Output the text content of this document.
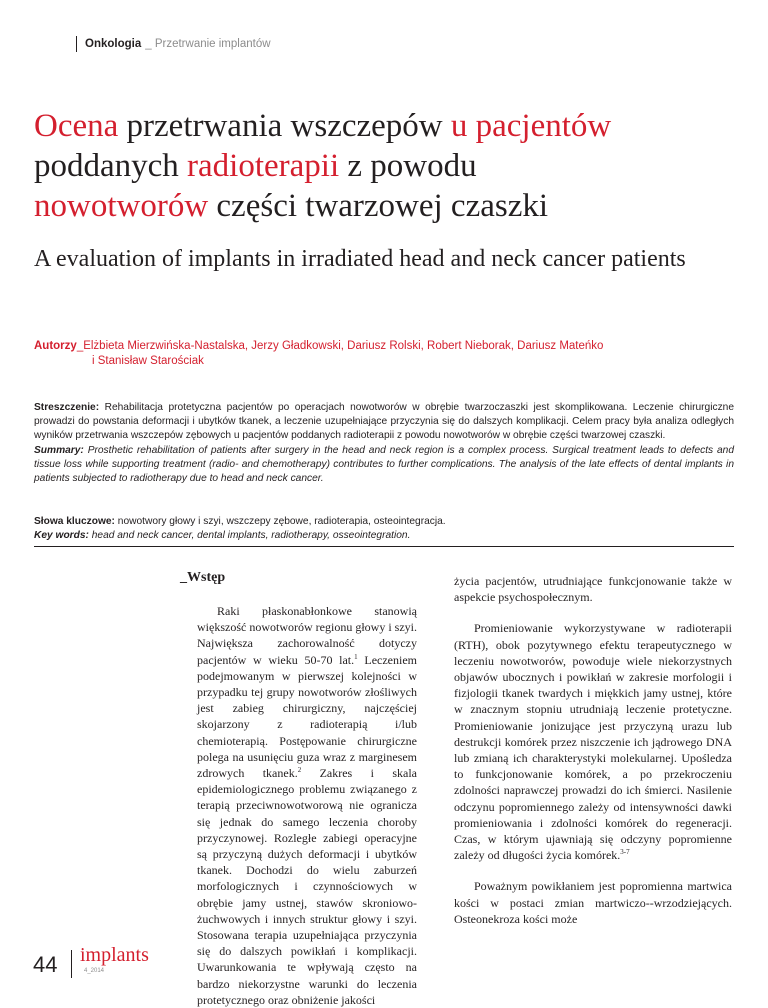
Onkologia _ Przetrwanie implantów
Ocena przetrwania wszczepów u pacjentów
poddanych radioterapii z powodu
nowotworów części twarzowej czaszki
A evaluation of implants in irradiated head and neck cancer patients
Autorzy_Elżbieta Mierzwińska-Nastalska, Jerzy Gładkowski, Dariusz Rolski, Robert Nieborak, Dariusz Mateńko
i Stanisław Starościak

Streszczenie: Rehabilitacja protetyczna pacjentów po operacjach nowotworów w obrębie twarzoczaszki jest skomplikowana. Leczenie chirurgiczne prowadzi do powstania deformacji i ubytków tkanek, a leczenie uzupełniające przyczynia się do dalszych komplikacji. Celem pracy była analiza odległych wyników przetrwania wszczepów zębowych u pacjentów poddanych radioterapii z powodu nowotworów w obrębie części twarzowej czaszki.

Summary: Prosthetic rehabilitation of patients after surgery in the head and neck region is a complex process. Surgical treatment leads to defects and tissue loss while supporting treatment (radio- and chemotherapy) contributes to further complications. The analysis of the late effects of dental implants in patients subjected to radiotherapy due to head and neck cancer.

Słowa kluczowe: nowotwory głowy i szyi, wszczepy zębowe, radioterapia, osteointegracja.

Key words: head and neck cancer, dental implants, radiotherapy, osseointegration.

_Wstęp

Raki płaskonabłonkowe stanowią większość nowotworów regionu głowy i szyi. Największa zachorowalność dotyczy pacjentów w wieku 50-70 lat.$^1$ Leczeniem podejmowanym w pierwszej kolejności w przypadku tej grupy nowotworów złośliwych jest zabieg chirurgiczny, najczęściej skojarzony z radioterapią i/lub chemioterapią. Postępowanie chirurgiczne polega na usunięciu guza wraz z marginesem zdrowych tkanek.$^2$ Zakres i skala epidemiologicznego problemu związanego z terapią przeciwnowotworową nie ogranicza się jednak do samego leczenia choroby przyczynowej. Rozległe zabiegi operacyjne są przyczyną dużych deformacji i ubytków tkanek. Dochodzi do wielu zaburzeń morfologicznych i czynnościowych w obrębie jamy ustnej, stawów skroniowo-żuchwowych i innych struktur głowy i szyi. Stosowana terapia uzupełniająca przyczynia się do dalszych powikłań i komplikacji. Uwarunkowania te wpływają często na bardzo niekorzystne warunki do leczenia protetycznego oraz obniżenie jakości

życia pacjentów, utrudniające funkcjonowanie także w aspekcie psychospołecznym.

Promieniowanie wykorzystywane w radioterapii (RTH), obok pozytywnego efektu terapeutycznego w leczeniu nowotworów, powoduje wiele niekorzystnych objawów ubocznych i powikłań w zakresie morfologii i fizjologii tkanek twardych i miękkich jamy ustnej, które w znacznym stopniu utrudniają leczenie protetyczne. Promieniowanie jonizujące jest przyczyną urazu lub destrukcji komórek przez niszczenie ich jądrowego DNA lub zmianą ich charakterystyki molekularnej. Upośledza to funkcjonowanie komórek, a po przekroczeniu zdolności naprawczej prowadzi do ich śmierci. Nasilenie odczynu popromiennego zależy od intensywności dawki promieniowania i zdolności komórek do regeneracji. Czas, w którym ujawniają się odczyny popromienne zależy od długości życia komórek.$^{3-7}$

Poważnym powikłaniem jest popromienna martwica kości w postaci zmian martwiczo--wrzodziejących. Osteonekroza kości może

44 implants
4_2014
